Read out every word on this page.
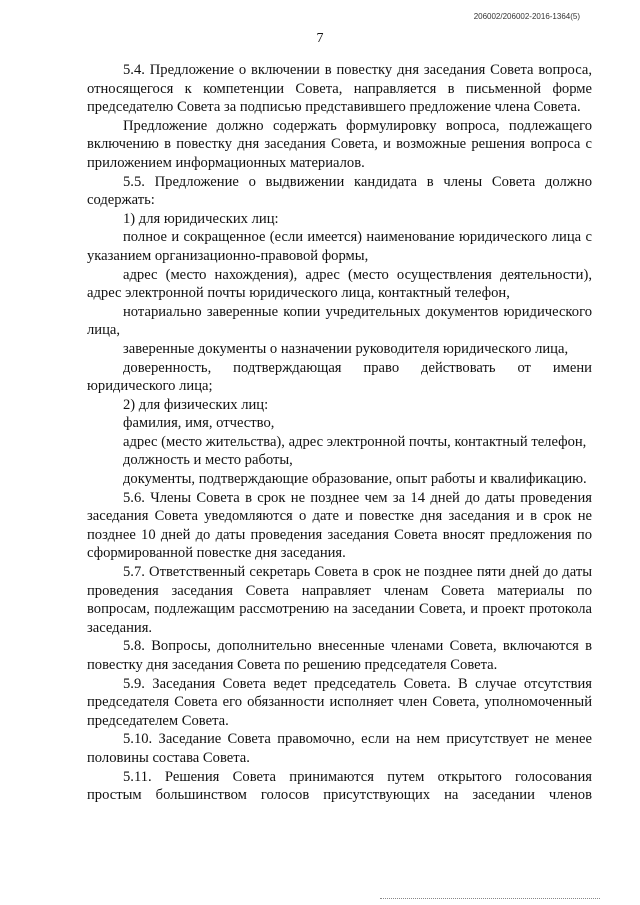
206002/206002-2016-1364(5)
7

5.4. Предложение о включении в повестку дня заседания Совета вопроса, относящегося к компетенции Совета, направляется в письменной форме председателю Совета за подписью представившего предложение члена Совета.

Предложение должно содержать формулировку вопроса, подлежащего включению в повестку дня заседания Совета, и возможные решения вопроса с приложением информационных материалов.

5.5. Предложение о выдвижении кандидата в члены Совета должно содержать:

1) для юридических лиц:

полное и сокращенное (если имеется) наименование юридического лица с указанием организационно-правовой формы,

адрес (место нахождения), адрес (место осуществления деятельности), адрес электронной почты юридического лица, контактный телефон,

нотариально заверенные копии учредительных документов юридического лица,

заверенные документы о назначении руководителя юридического лица,

доверенность, подтверждающая право действовать от имени юридического лица;

2) для физических лиц:

фамилия, имя, отчество,

адрес (место жительства), адрес электронной почты, контактный телефон,

должность и место работы,

документы, подтверждающие образование, опыт работы и квалификацию.

5.6. Члены Совета в срок не позднее чем за 14 дней до даты проведения заседания Совета уведомляются о дате и повестке дня заседания и в срок не позднее 10 дней до даты проведения заседания Совета вносят предложения по сформированной повестке дня заседания.

5.7. Ответственный секретарь Совета в срок не позднее пяти дней до даты проведения заседания Совета направляет членам Совета материалы по вопросам, подлежащим рассмотрению на заседании Совета, и проект протокола заседания.

5.8. Вопросы, дополнительно внесенные членами Совета, включаются в повестку дня заседания Совета по решению председателя Совета.

5.9. Заседания Совета ведет председатель Совета. В случае отсутствия председателя Совета его обязанности исполняет член Совета, уполномоченный председателем Совета.

5.10. Заседание Совета правомочно, если на нем присутствует не менее половины состава Совета.

5.11. Решения Совета принимаются путем открытого голосования простым большинством голосов присутствующих на заседании членов
